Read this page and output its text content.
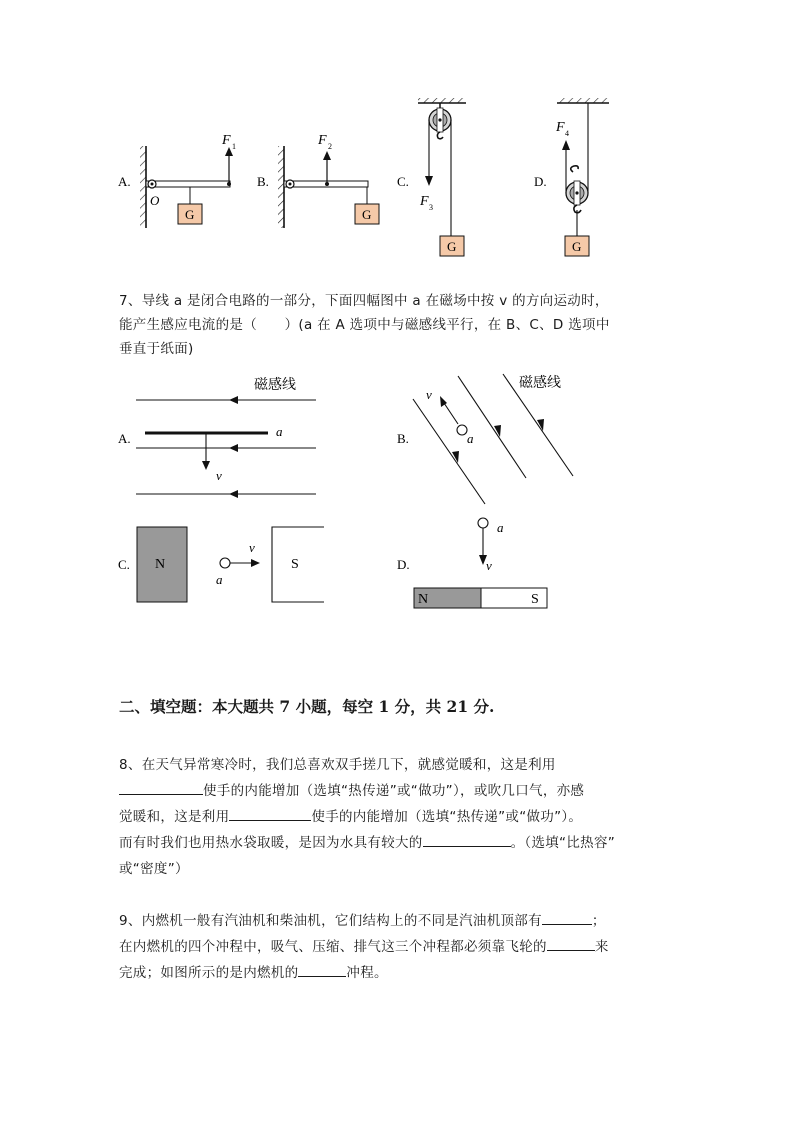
A.
O
G
F 1
B.
G
F 2
C.
G
F 3
D.
G
F 4
7、导线 a 是闭合电路的一部分，下面四幅图中 a 在磁场中按 v 的方向运动时，
能产生感应电流的是（　　）(a 在 A 选项中与磁感线平行，在 B、C、D 选项中
垂直于纸面)
A.
磁感线
a
v
B.
磁感线
a
v
C. N	S
a
v
D.
a
v
N	S
二、填空题：本大题共 7 小题，每空 1 分，共 21 分.
8、在天气异常寒冷时，我们总喜欢双手搓几下，就感觉暖和，这是利用
使手的内能增加（选填“热传递”或“做功”），或吹几口气，亦感
觉暖和，这是利用	使手的内能增加（选填“热传递”或“做功”）。
而有时我们也用热水袋取暖，是因为水具有较大的	。（选填“比热容”
或“密度”）
9、内燃机一般有汽油机和柴油机，它们结构上的不同是汽油机顶部有	；
在内燃机的四个冲程中，吸气、压缩、排气这三个冲程都必须靠飞轮的	来
完成；如图所示的是内燃机的	冲程。
